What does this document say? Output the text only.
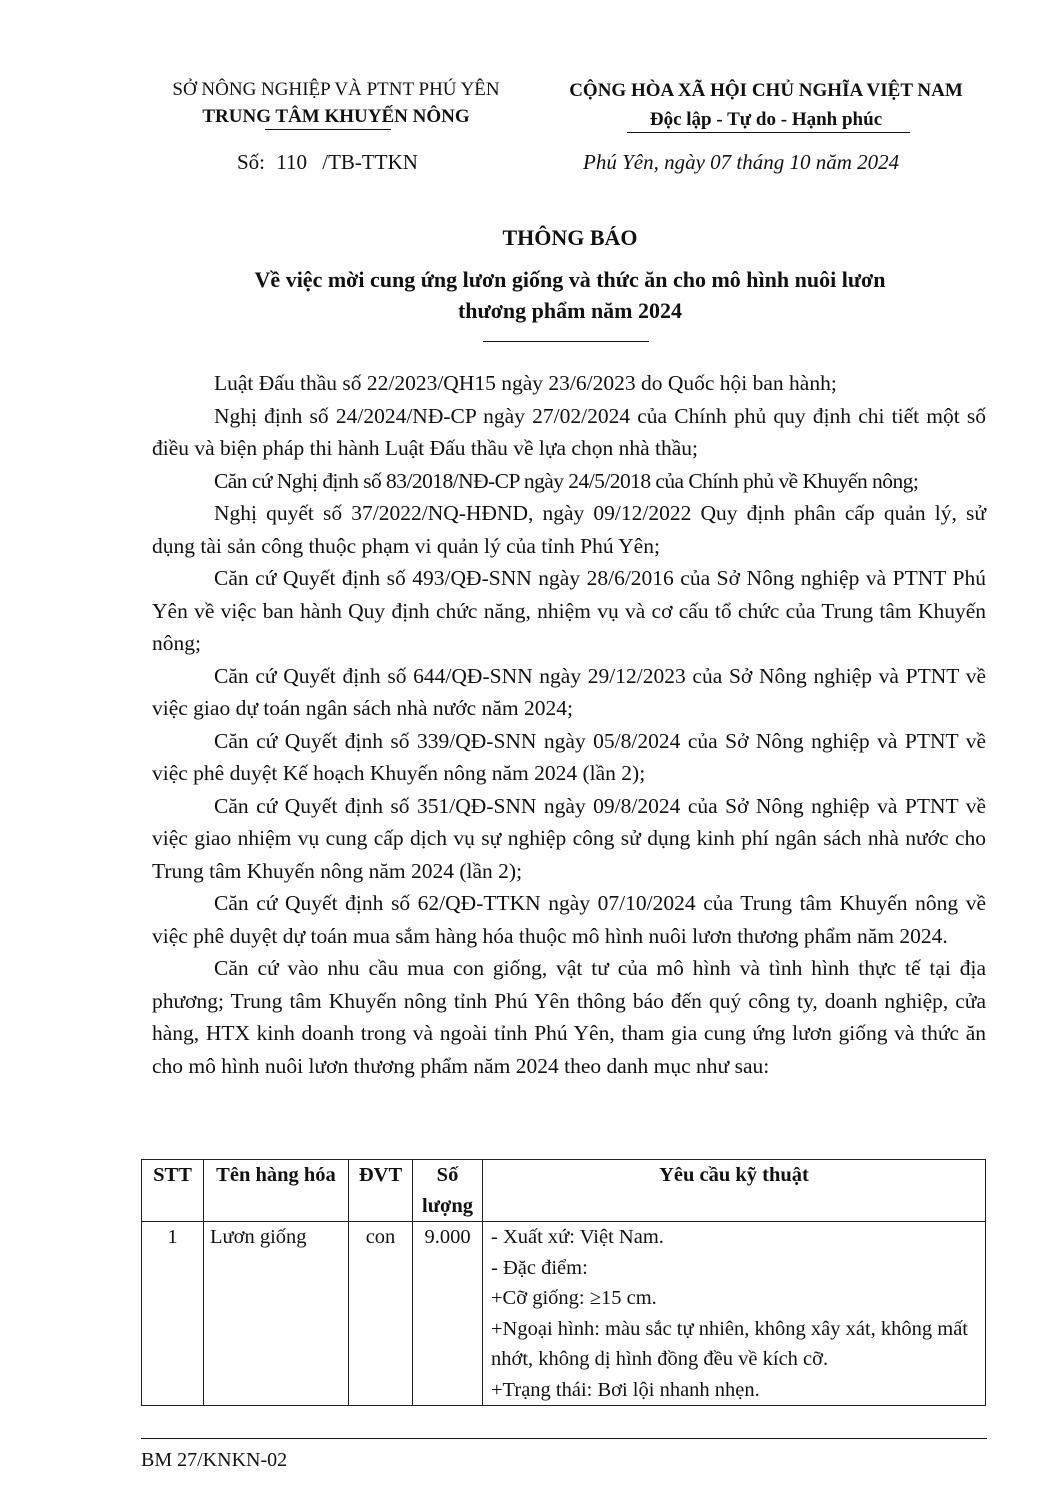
SỞ NÔNG NGHIỆP VÀ PTNT PHÚ YÊN
TRUNG TÂM KHUYẾN NÔNG
CỘNG HÒA XÃ HỘI CHỦ NGHĨA VIỆT NAM
Độc lập - Tự do - Hạnh phúc
Số: 110 /TB-TTKN	Phú Yên, ngày 07 tháng 10 năm 2024
THÔNG BÁO
Về việc mời cung ứng lươn giống và thức ăn cho mô hình nuôi lươn
thương phẩm năm 2024

Luật Đấu thầu số 22/2023/QH15 ngày 23/6/2023 do Quốc hội ban hành;

Nghị định số 24/2024/NĐ-CP ngày 27/02/2024 của Chính phủ quy định chi tiết một số điều và biện pháp thi hành Luật Đấu thầu về lựa chọn nhà thầu;

Căn cứ Nghị định số 83/2018/NĐ-CP ngày 24/5/2018 của Chính phủ về Khuyến nông;

Nghị quyết số 37/2022/NQ-HĐND, ngày 09/12/2022 Quy định phân cấp quản lý, sử dụng tài sản công thuộc phạm vi quản lý của tỉnh Phú Yên;

Căn cứ Quyết định số 493/QĐ-SNN ngày 28/6/2016 của Sở Nông nghiệp và PTNT Phú Yên về việc ban hành Quy định chức năng, nhiệm vụ và cơ cấu tổ chức của Trung tâm Khuyến nông;

Căn cứ Quyết định số 644/QĐ-SNN ngày 29/12/2023 của Sở Nông nghiệp và PTNT về việc giao dự toán ngân sách nhà nước năm 2024;

Căn cứ Quyết định số 339/QĐ-SNN ngày 05/8/2024 của Sở Nông nghiệp và PTNT về việc phê duyệt Kế hoạch Khuyến nông năm 2024 (lần 2);

Căn cứ Quyết định số 351/QĐ-SNN ngày 09/8/2024 của Sở Nông nghiệp và PTNT về việc giao nhiệm vụ cung cấp dịch vụ sự nghiệp công sử dụng kinh phí ngân sách nhà nước cho Trung tâm Khuyến nông năm 2024 (lần 2);

Căn cứ Quyết định số 62/QĐ-TTKN ngày 07/10/2024 của Trung tâm Khuyến nông về việc phê duyệt dự toán mua sắm hàng hóa thuộc mô hình nuôi lươn thương phẩm năm 2024.

Căn cứ vào nhu cầu mua con giống, vật tư của mô hình và tình hình thực tế tại địa phương; Trung tâm Khuyến nông tỉnh Phú Yên thông báo đến quý công ty, doanh nghiệp, cửa hàng, HTX kinh doanh trong và ngoài tỉnh Phú Yên, tham gia cung ứng lươn giống và thức ăn cho mô hình nuôi lươn thương phẩm năm 2024 theo danh mục như sau:

STT	Tên hàng hóa	ĐVT	Số lượng	Yêu cầu kỹ thuật
1	Lươn giống	con	9.000	- Xuất xứ: Việt Nam.
- Đặc điểm:
+Cỡ giống: ≥15 cm.
+Ngoại hình: màu sắc tự nhiên, không xây xát, không mất nhớt, không dị hình đồng đều về kích cỡ.
+Trạng thái: Bơi lội nhanh nhẹn.
BM 27/KNKN-02
